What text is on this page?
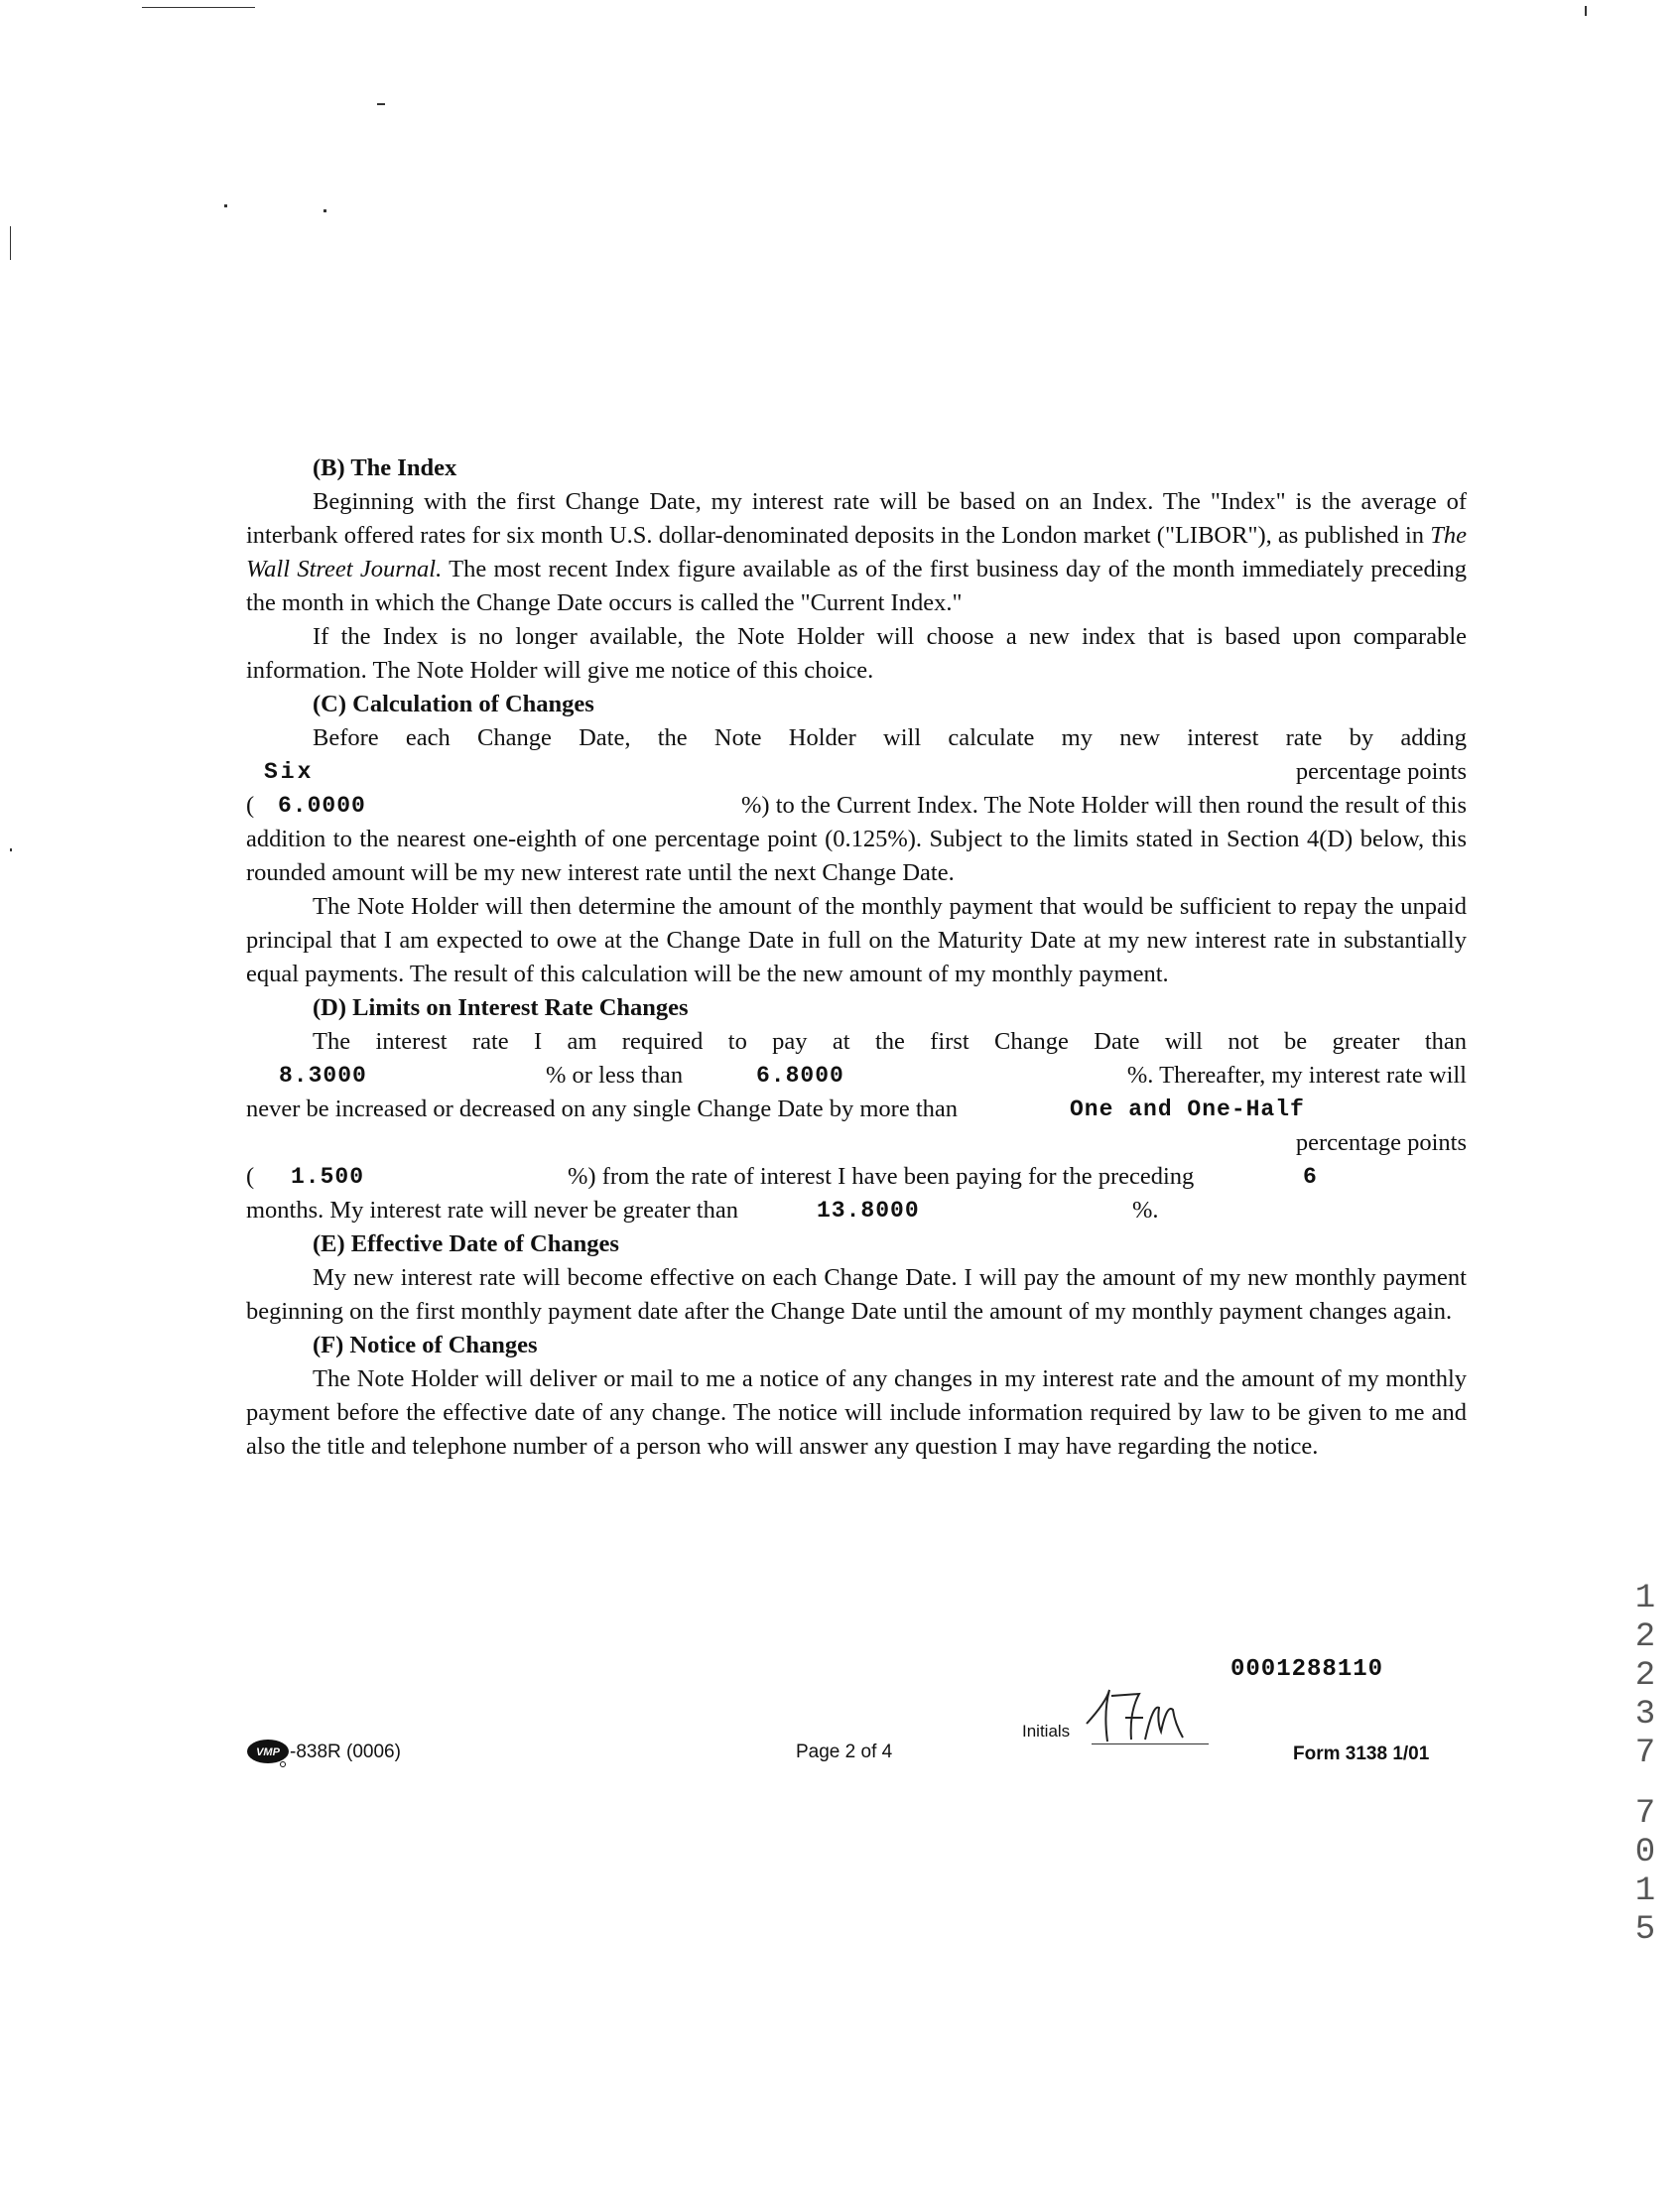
(B) The Index

Beginning with the first Change Date, my interest rate will be based on an Index. The "Index" is the average of interbank offered rates for six month U.S. dollar-denominated deposits in the London market ("LIBOR"), as published in The Wall Street Journal. The most recent Index figure available as of the first business day of the month immediately preceding the month in which the Change Date occurs is called the "Current Index."

If the Index is no longer available, the Note Holder will choose a new index that is based upon comparable information. The Note Holder will give me notice of this choice.

(C) Calculation of Changes

Before each Change Date, the Note Holder will calculate my new interest rate by adding

Six	percentage points
( 6.0000	%) to the Current Index. The Note Holder will then round the result of this

addition to the nearest one-eighth of one percentage point (0.125%). Subject to the limits stated in Section 4(D) below, this rounded amount will be my new interest rate until the next Change Date.

The Note Holder will then determine the amount of the monthly payment that would be sufficient to repay the unpaid principal that I am expected to owe at the Change Date in full on the Maturity Date at my new interest rate in substantially equal payments. The result of this calculation will be the new amount of my monthly payment.

(D) Limits on Interest Rate Changes

The interest rate I am required to pay at the first Change Date will not be greater than

8.3000	% or less than	6.8000	%. Thereafter, my interest rate will
never be increased or decreased on any single Change Date by more than	One and One-Half
percentage points
( 1.500	%) from the rate of interest I have been paying for the preceding	6
months. My interest rate will never be greater than	13.8000	%.

(E) Effective Date of Changes

My new interest rate will become effective on each Change Date. I will pay the amount of my new monthly payment beginning on the first monthly payment date after the Change Date until the amount of my monthly payment changes again.

(F) Notice of Changes

The Note Holder will deliver or mail to me a notice of any changes in my interest rate and the amount of my monthly payment before the effective date of any change. The notice will include information required by law to be given to me and also the title and telephone number of a person who will answer any question I may have regarding the notice.

0001288110
Initials
VMP -838R (0006)	Page 2 of 4	Form 3138 1/01
1
2
2
3
7
7
0
1
5
